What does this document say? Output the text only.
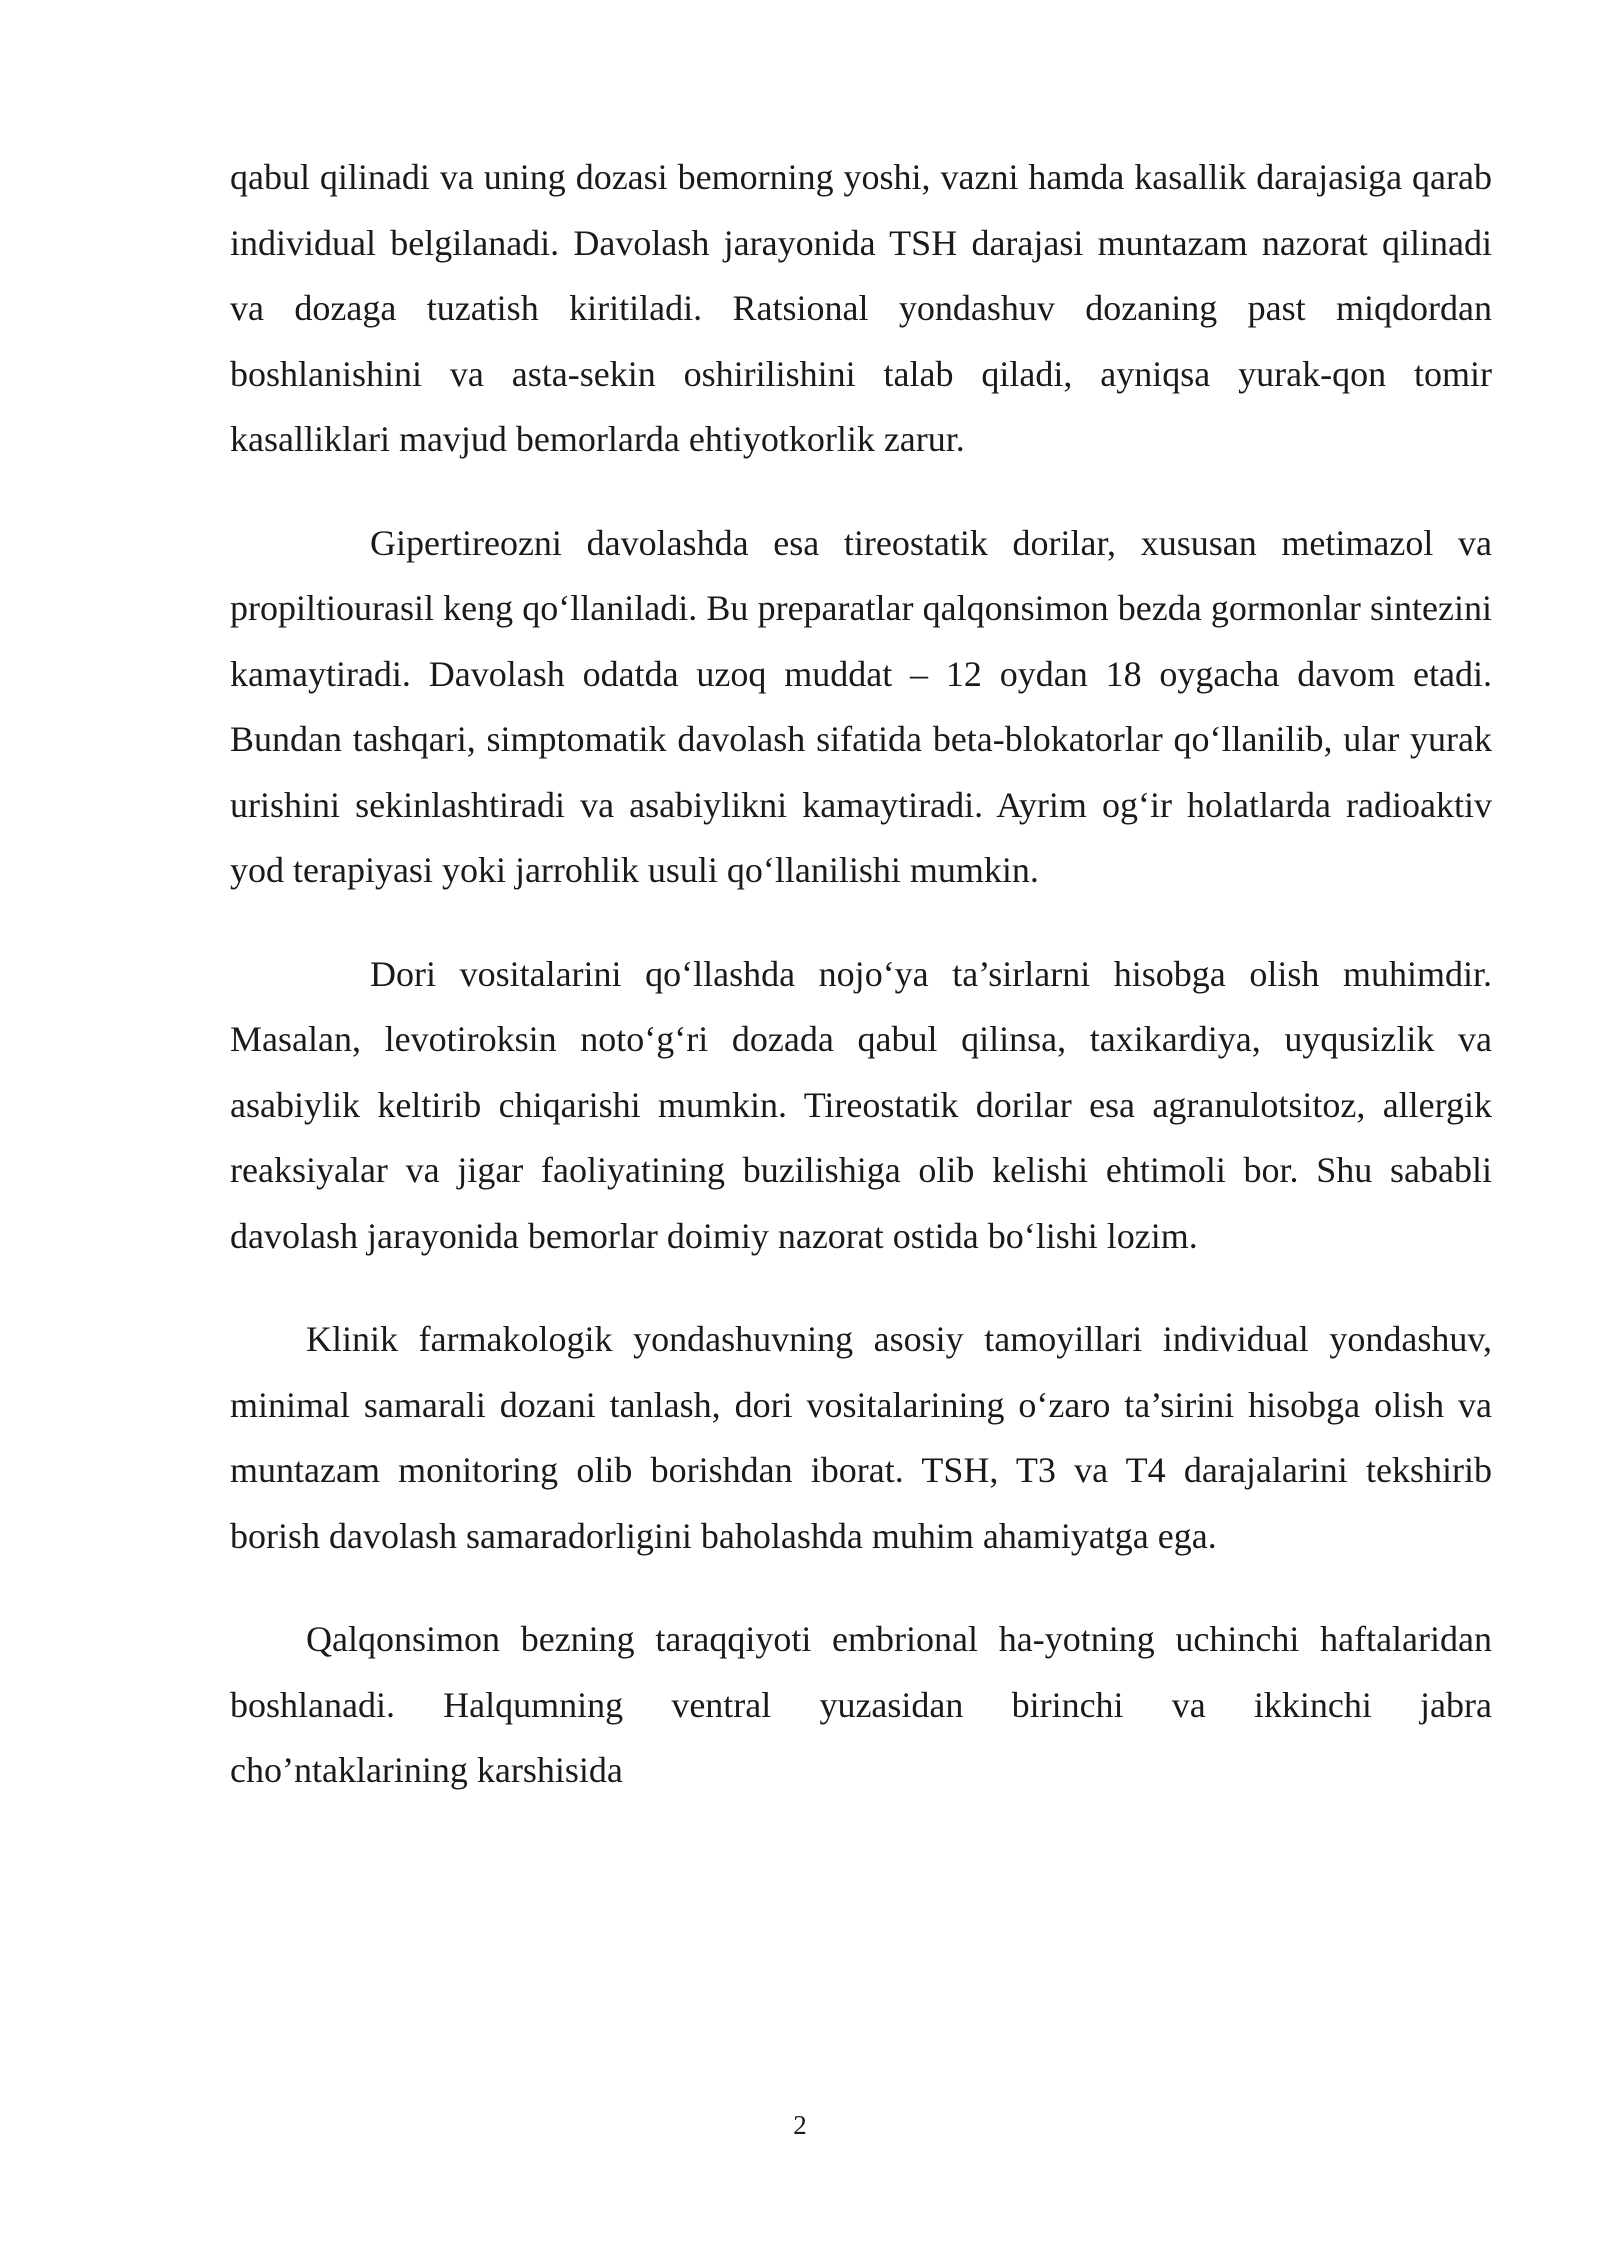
qabul qilinadi va uning dozasi bemorning yoshi, vazni hamda kasallik darajasiga qarab individual belgilanadi. Davolash jarayonida TSH darajasi muntazam nazorat qilinadi va dozaga tuzatish kiritiladi. Ratsional yondashuv dozaning past miqdordan boshlanishini va asta-sekin oshirilishini talab qiladi, ayniqsa yurak-qon tomir kasalliklari mavjud bemorlarda ehtiyotkorlik zarur.

Gipertireozni davolashda esa tireostatik dorilar, xususan metimazol va propiltiourasil keng qo‘llaniladi. Bu preparatlar qalqonsimon bezda gormonlar sintezini kamaytiradi. Davolash odatda uzoq muddat – 12 oydan 18 oygacha davom etadi. Bundan tashqari, simptomatik davolash sifatida beta-blokatorlar qo‘llanilib, ular yurak urishini sekinlashtiradi va asabiylikni kamaytiradi. Ayrim og‘ir holatlarda radioaktiv yod terapiyasi yoki jarrohlik usuli qo‘llanilishi mumkin.

Dori vositalarini qo‘llashda nojo‘ya ta’sirlarni hisobga olish muhimdir. Masalan, levotiroksin noto‘g‘ri dozada qabul qilinsa, taxikardiya, uyqusizlik va asabiylik keltirib chiqarishi mumkin. Tireostatik dorilar esa agranulotsitoz, allergik reaksiyalar va jigar faoliyatining buzilishiga olib kelishi ehtimoli bor. Shu sababli davolash jarayonida bemorlar doimiy nazorat ostida bo‘lishi lozim.

Klinik farmakologik yondashuvning asosiy tamoyillari individual yondashuv, minimal samarali dozani tanlash, dori vositalarining o‘zaro ta’sirini hisobga olish va muntazam monitoring olib borishdan iborat. TSH, T3 va T4 darajalarini tekshirib borish davolash samaradorligini baholashda muhim ahamiyatga ega.

Qalqonsimon bezning taraqqiyoti embrional ha-yotning uchinchi haftalaridan boshlanadi. Halqumning ventral yuzasidan birinchi va ikkinchi jabra

cho’ntaklarining karshisida

2
